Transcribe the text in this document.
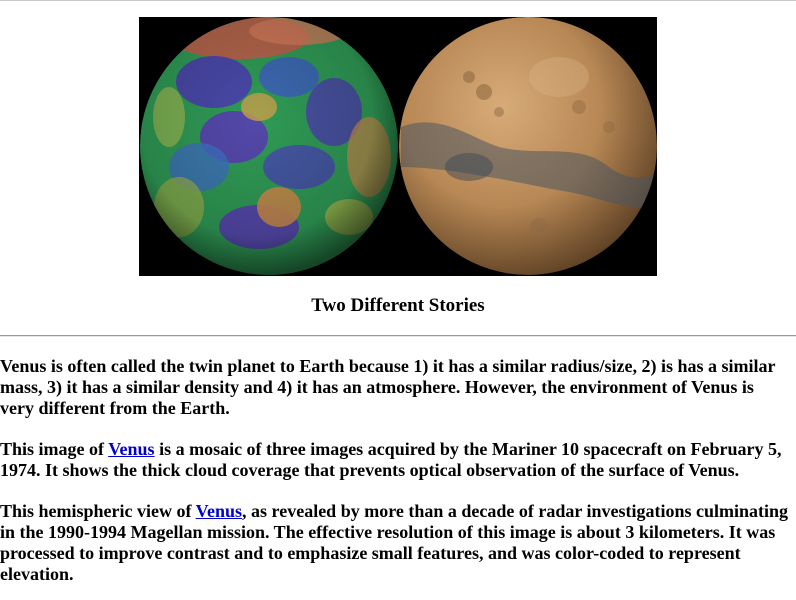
Two Different Stories

Venus is often called the twin planet to Earth because 1) it has a similar radius/size, 2) is has a similar mass, 3) it has a similar density and 4) it has an atmosphere. However, the environment of Venus is very different from the Earth.

This image of Venus is a mosaic of three images acquired by the Mariner 10 spacecraft on February 5, 1974. It shows the thick cloud coverage that prevents optical observation of the surface of Venus.

This hemispheric view of Venus, as revealed by more than a decade of radar investigations culminating in the 1990-1994 Magellan mission. The effective resolution of this image is about 3 kilometers. It was processed to improve contrast and to emphasize small features, and was color-coded to represent elevation.
